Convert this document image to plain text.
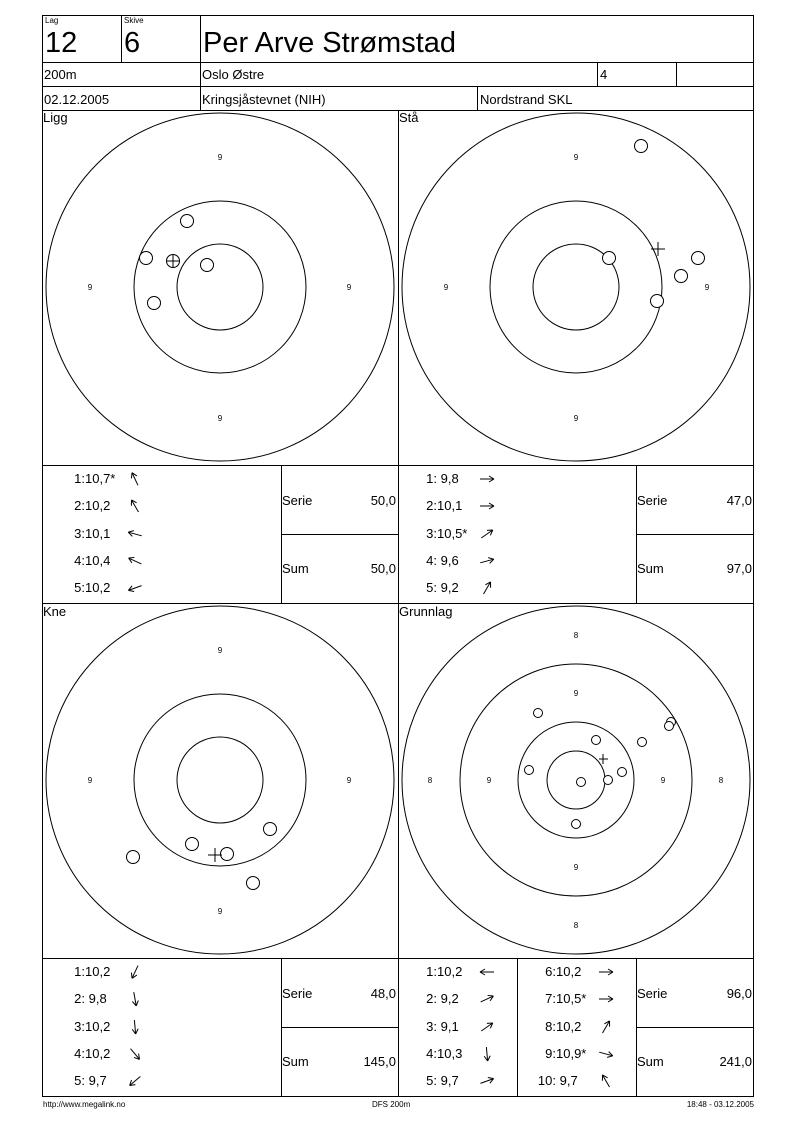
Lag
12
Skive
6 Per Arve Strømstad
200m	Oslo Østre	4
02.12.2005	Kringsjåstevnet (NIH)	Nordstrand SKL
Ligg	Stå
Kne	Grunnlag
9
9
9	9
9
9
9	9
9
9
9	9
8
8
8	8
9
9
9	9
1: 10,7*
2: 10,2
3: 10,1
4: 10,4
5: 10,2
1: 9,8
2: 10,1
3: 10,5*
4: 9,6
5: 9,2
1: 10,2
2: 9,8
3: 10,2
4: 10,2
5: 9,7
1: 10,2
2: 9,2
3: 9,1
4: 10,3
5: 9,7
6: 10,2
7: 10,5*
8: 10,2
9: 10,9*
10: 9,7
Serie	50,0
Sum	50,0
Serie	47,0
Sum	97,0
Serie	48,0
Sum	145,0
Serie	96,0
Sum	241,0
http://www.megalink.no	DFS 200m	18:48 - 03.12.2005
